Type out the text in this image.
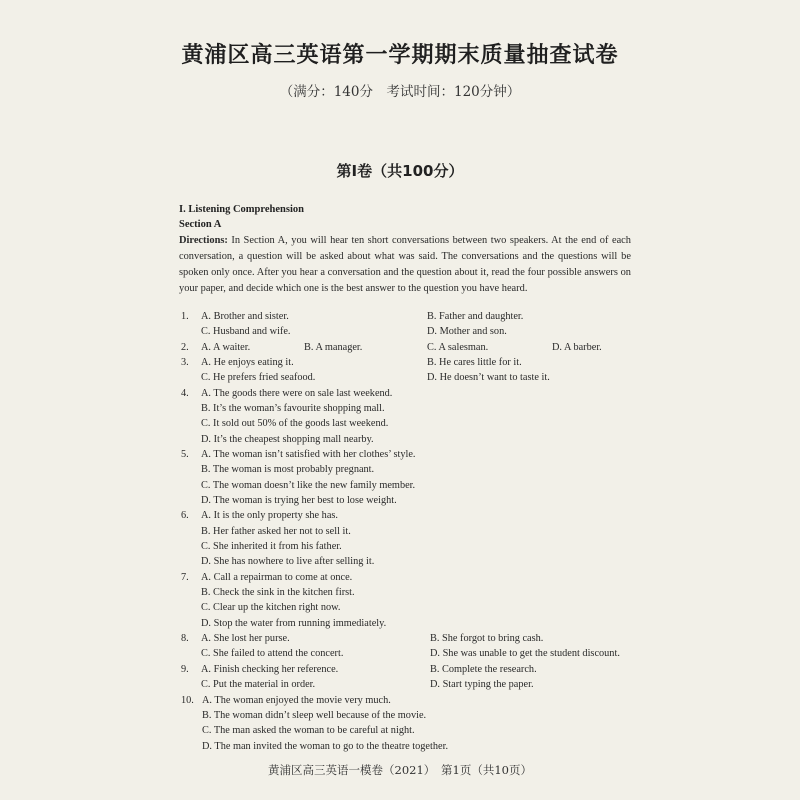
黄浦区高三英语第一学期期末质量抽查试卷
（满分：140分　考试时间：120分钟）
第I卷（共100分）
I. Listening Comprehension
Section A
Directions: In Section A, you will hear ten short conversations between two speakers. At the end of each conversation, a question will be asked about what was said. The conversations and the questions will be spoken only once. After you hear a conversation and the question about it, read the four possible answers on your paper, and decide which one is the best answer to the question you have heard.
1. A. Brother and sister.	B. Father and daughter.
C. Husband and wife.	D. Mother and son.
2. A. A waiter.	B. A manager.	C. A salesman.	D. A barber.
3. A. He enjoys eating it.	B. He cares little for it.
C. He prefers fried seafood.	D. He doesn’t want to taste it.
4. A. The goods there were on sale last weekend.
B. It’s the woman’s favourite shopping mall.
C. It sold out 50% of the goods last weekend.
D. It’s the cheapest shopping mall nearby.
5. A. The woman isn’t satisfied with her clothes’ style.
B. The woman is most probably pregnant.
C. The woman doesn’t like the new family member.
D. The woman is trying her best to lose weight.
6. A. It is the only property she has.
B. Her father asked her not to sell it.
C. She inherited it from his father.
D. She has nowhere to live after selling it.
7. A. Call a repairman to come at once.
B. Check the sink in the kitchen first.
C. Clear up the kitchen right now.
D. Stop the water from running immediately.
8. A. She lost her purse.	B. She forgot to bring cash.
C. She failed to attend the concert.	D. She was unable to get the student discount.
9. A. Finish checking her reference.	B. Complete the research.
C. Put the material in order.	D. Start typing the paper.
10. A. The woman enjoyed the movie very much.
B. The woman didn’t sleep well because of the movie.
C. The man asked the woman to be careful at night.
D. The man invited the woman to go to the theatre together.
黄浦区高三英语一模卷（2021）　第1页（共10页）
